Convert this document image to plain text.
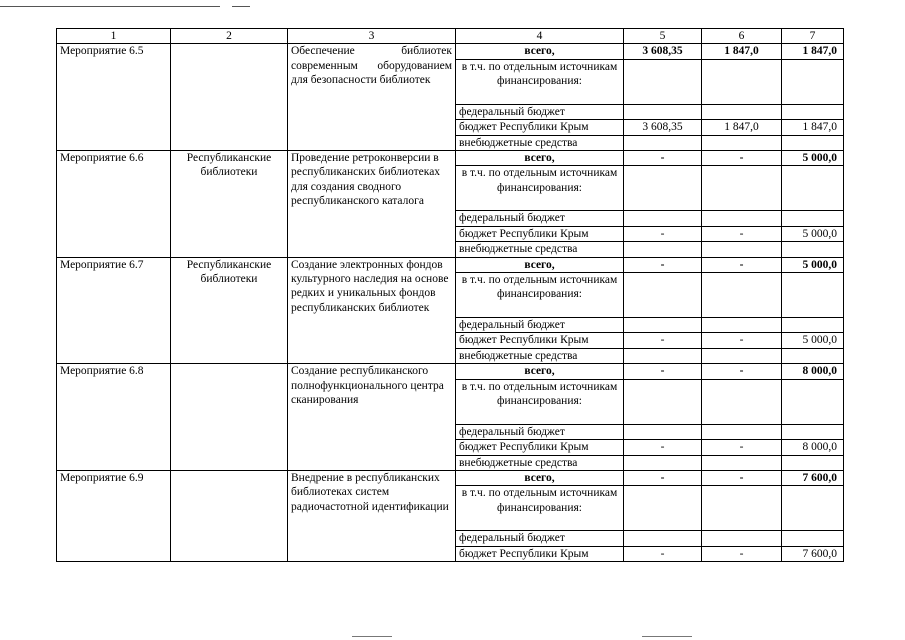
1	2	3	4	5	6	7
Мероприятие 6.5		Обеспечение библиотек современным оборудованием для безопасности библиотек	всего,	3 608,35	1 847,0	1 847,0
			в т.ч. по отдельным источникам финансирования:			
			федеральный бюджет			
			бюджет Республики Крым	3 608,35	1 847,0	1 847,0
			внебюджетные средства			
Мероприятие 6.6	Республиканские библиотеки	Проведение ретроконверсии в республиканских библиотеках для создания сводного республиканского каталога	всего,	-	-	5 000,0
			в т.ч. по отдельным источникам финансирования:			
			федеральный бюджет			
			бюджет Республики Крым	-	-	5 000,0
			внебюджетные средства			
Мероприятие 6.7	Республиканские библиотеки	Создание электронных фондов культурного наследия на основе редких и уникальных фондов республиканских библиотек	всего,	-	-	5 000,0
			в т.ч. по отдельным источникам финансирования:			
			федеральный бюджет			
			бюджет Республики Крым	-	-	5 000,0
			внебюджетные средства			
Мероприятие 6.8		Создание республиканского полнофункционального центра сканирования	всего,	-	-	8 000,0
			в т.ч. по отдельным источникам финансирования:			
			федеральный бюджет			
			бюджет Республики Крым	-	-	8 000,0
			внебюджетные средства			
Мероприятие 6.9		Внедрение в республиканских библиотеках систем радиочастотной идентификации	всего,	-	-	7 600,0
			в т.ч. по отдельным источникам финансирования:			
			федеральный бюджет			
			бюджет Республики Крым	-	-	7 600,0
